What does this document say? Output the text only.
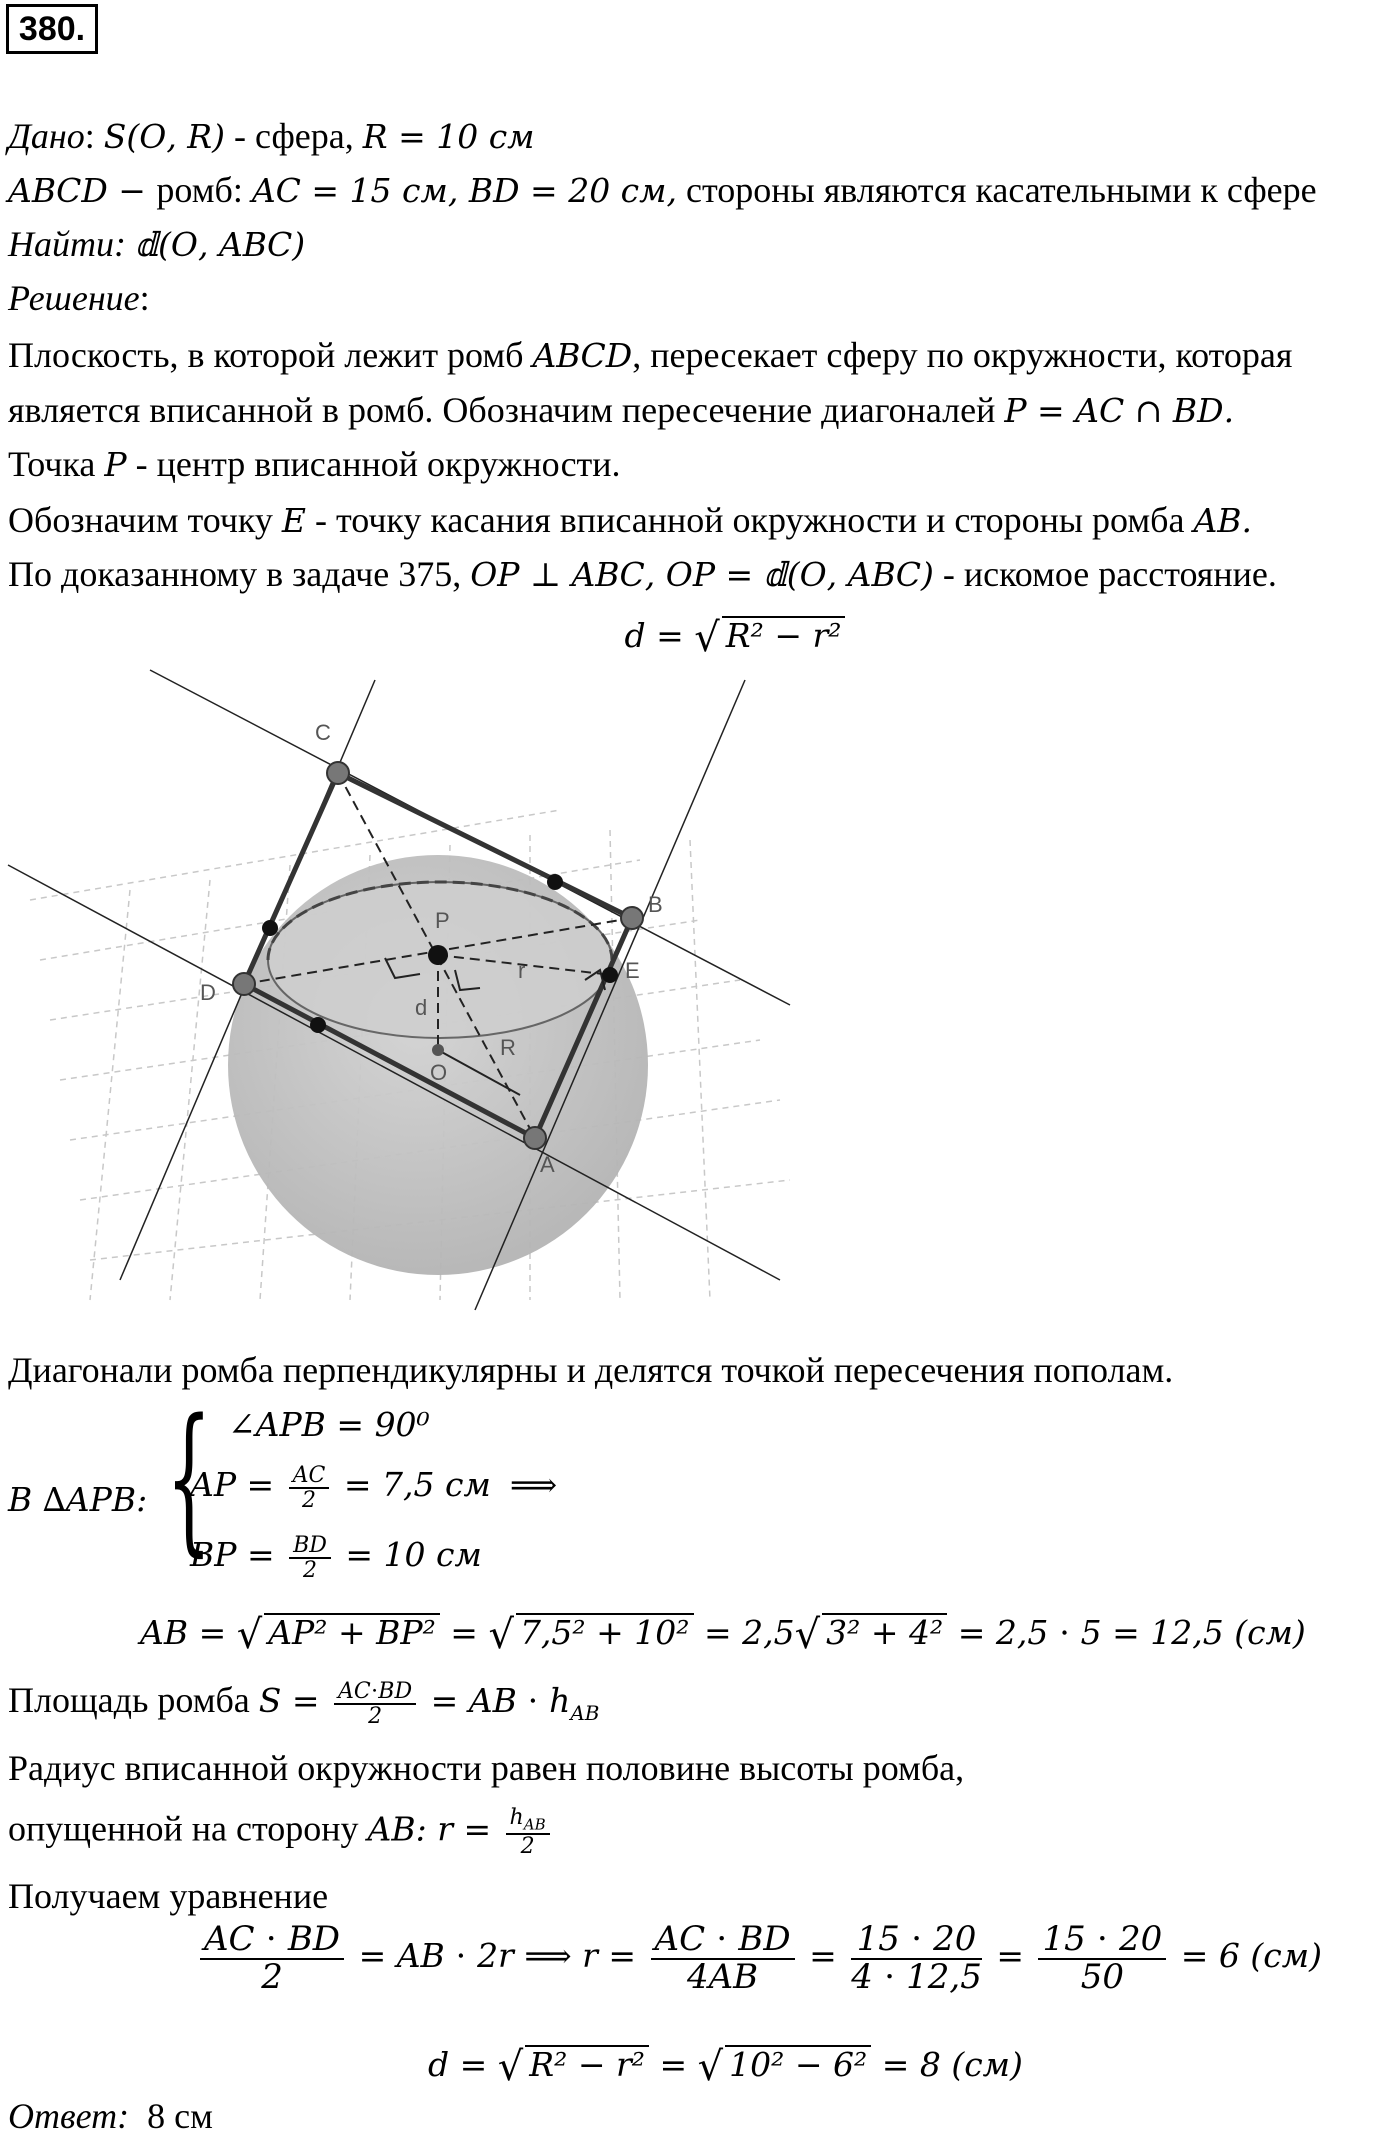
380.
Дано: 𝑆(𝑂, 𝑅) - сфера, 𝑅 = 10 см
𝐴𝐵𝐶𝐷 − ромб: 𝐴𝐶 = 15 см, 𝐵𝐷 = 20 см, стороны являются касательными к сфере
Найти: 𝕕(𝑂, 𝐴𝐵𝐶)
Решение:
Плоскость, в которой лежит ромб 𝐴𝐵𝐶𝐷, пересекает сферу по окружности, которая
является вписанной в ромб. Обозначим пересечение диагоналей 𝑃 = 𝐴𝐶 ∩ 𝐵𝐷.
Точка 𝑃 - центр вписанной окружности.
Обозначим точку 𝐸 - точку касания вписанной окружности и стороны ромба 𝐴𝐵.
По доказанному в задаче 375, 𝑂𝑃 ⊥ 𝐴𝐵𝐶, 𝑂𝑃 = 𝕕(𝑂, 𝐴𝐵𝐶) - искомое расстояние.
𝑑 = √ 𝑅² − 𝑟²
C
B
A
D
P
E
O
d
R
r
Диагонали ромба перпендикулярны и делятся точкой пересечения пополам.
В ∆𝐴𝑃𝐵: { ∠𝐴𝑃𝐵 = 90⁰
𝐴𝑃 = $\frac{\text{𝐴𝐶}}{2} = 7,5$ см ⟹
𝐵𝑃 = $\frac{\text{𝐵𝐷}}{2} = 10$ см
𝐴𝐵 = √ 𝐴𝑃² + 𝐵𝑃² = √ 7,5² + 10² = 2,5√ 3² + 4² = 2,5 ⋅ 5 = 12,5 (см)
Площадь ромба 𝑆 = $\frac{\text{𝐴𝐶⋅𝐵𝐷}}{2}$ = 𝐴𝐵 ⋅ ℎ$_{𝐴𝐵}$
Радиус вписанной окружности равен половине высоты ромба,
опущенной на сторону 𝐴𝐵: 𝑟 = $\frac{ℎ_{𝐴𝐵}}{2}$
Получаем уравнение
$\frac{\text{𝐴𝐶 ⋅ 𝐵𝐷}}{2}$ = 𝐴𝐵 ⋅ 2𝑟 ⟹ 𝑟 = $\frac{\text{𝐴𝐶 ⋅ 𝐵𝐷}}{\text{4𝐴𝐵}} = \frac{15 \cdot 20}{4 \cdot 12,5} = \frac{15 \cdot 20}{50} = 6$ (см)
𝑑 = √ 𝑅² − 𝑟² = √ 10² − 6² = 8 (см)
Ответ:  8 см
